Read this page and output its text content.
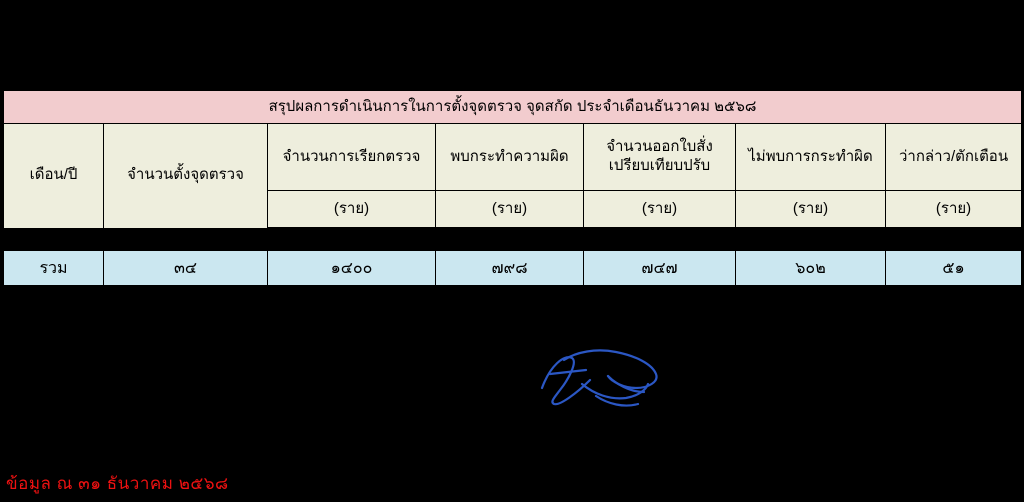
สรุปผลการดำเนินการในการตั้งจุดตรวจ จุดสกัด ประจำเดือนธันวาคม ๒๕๖๘						
เดือน/ปี	จำนวนตั้งจุดตรวจ	จำนวนการเรียกตรวจ	พบกระทำความผิด	จำนวนออกใบสั่งเปรียบเทียบปรับ	ไม่พบการกระทำผิด	ว่ากล่าว/ตักเตือน
		(ราย)	(ราย)	(ราย)	(ราย)	(ราย)
รวม	๓๔	๑๔๐๐	๗๙๘	๗๔๗	๖๐๒	๕๑
ข้อมูล ณ ๓๑ ธันวาคม ๒๕๖๘
